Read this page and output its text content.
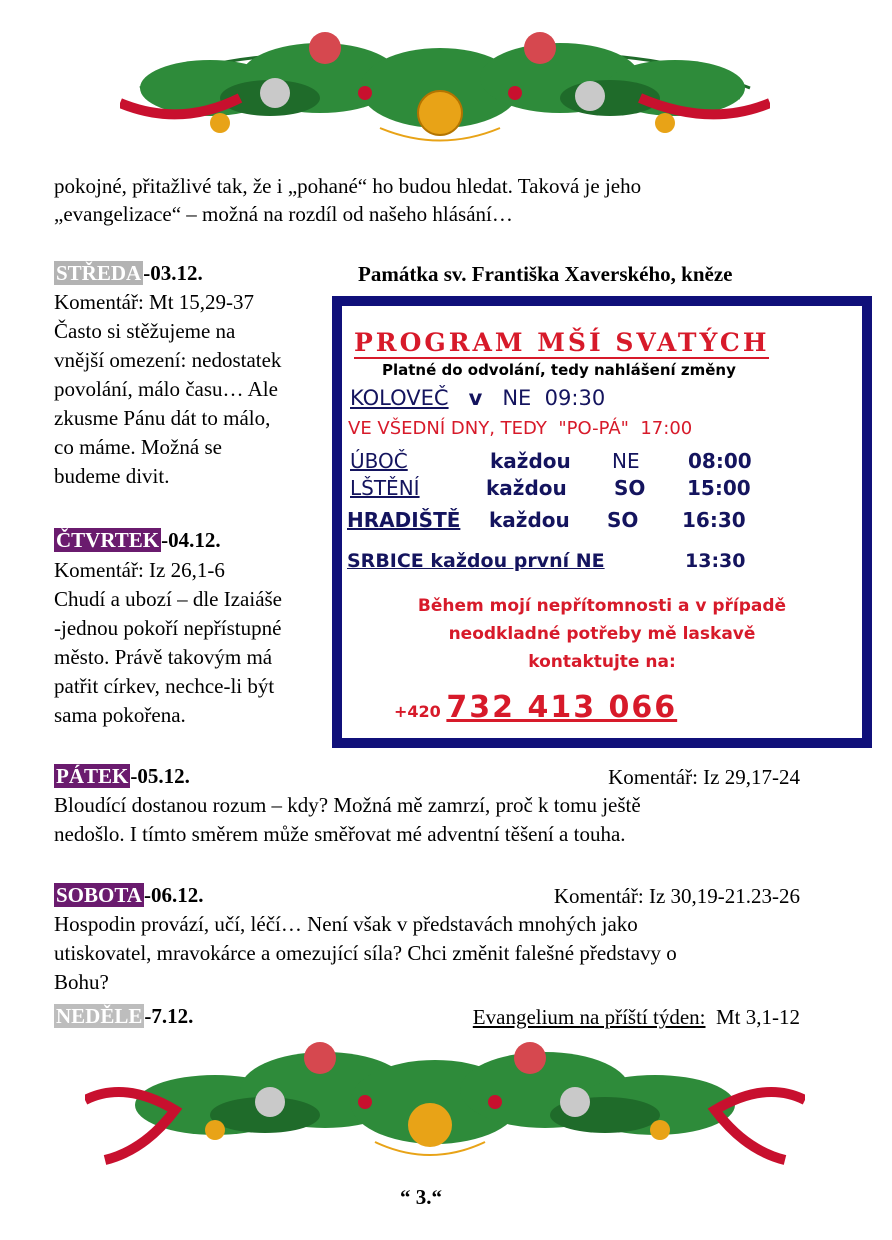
pokojné, přitažlivé tak, že i „pohané“ ho budou hledat. Taková je jeho
„evangelizace“ – možná na rozdíl od našeho hlásání…
STŘEDA-03.12.	Památka sv. Františka Xaverského, kněze
Komentář: Mt 15,29-37
Často si stěžujeme na
vnější omezení: nedostatek
povolání, málo času… Ale
zkusme Pánu dát to málo,
co máme. Možná se
budeme divit.
ČTVRTEK-04.12.
Komentář: Iz 26,1-6
Chudí a ubozí – dle Izaiáše
-jednou pokoří nepřístupné
město. Právě takovým má
patřit církev, nechce-li být
sama pokořena.
PROGRAM MŠÍ SVATÝCH
Platné do odvolání, tedy nahlášení změny
KOLOVEČ v NE 09:30
VE VŠEDNÍ DNY, TEDY  "PO-PÁ"  17:00
ÚBOČ	každou NE 08:00
LŠTĚNÍ	každou SO 15:00
HRADIŠTĚ každou SO 16:30
SRBICE každou první NE	13:30
Během mojí nepřítomnosti a v případě
neodkladné potřeby mě laskavě
kontaktujte na:
+420 732 413 066
PÁTEK-05.12.	Komentář: Iz 29,17-24
Bloudící dostanou rozum – kdy? Možná mě zamrzí, proč k tomu ještě
nedošlo. I tímto směrem může směřovat mé adventní těšení a touha.
SOBOTA-06.12.	Komentář: Iz 30,19-21.23-26
Hospodin provází, učí, léčí… Není však v představách mnohých jako
utiskovatel, mravokárce a omezující síla? Chci změnit falešné představy o
Bohu?
NEDĚLE-7.12.	Evangelium na příští týden: Mt 3,1-12
“ 3.“
